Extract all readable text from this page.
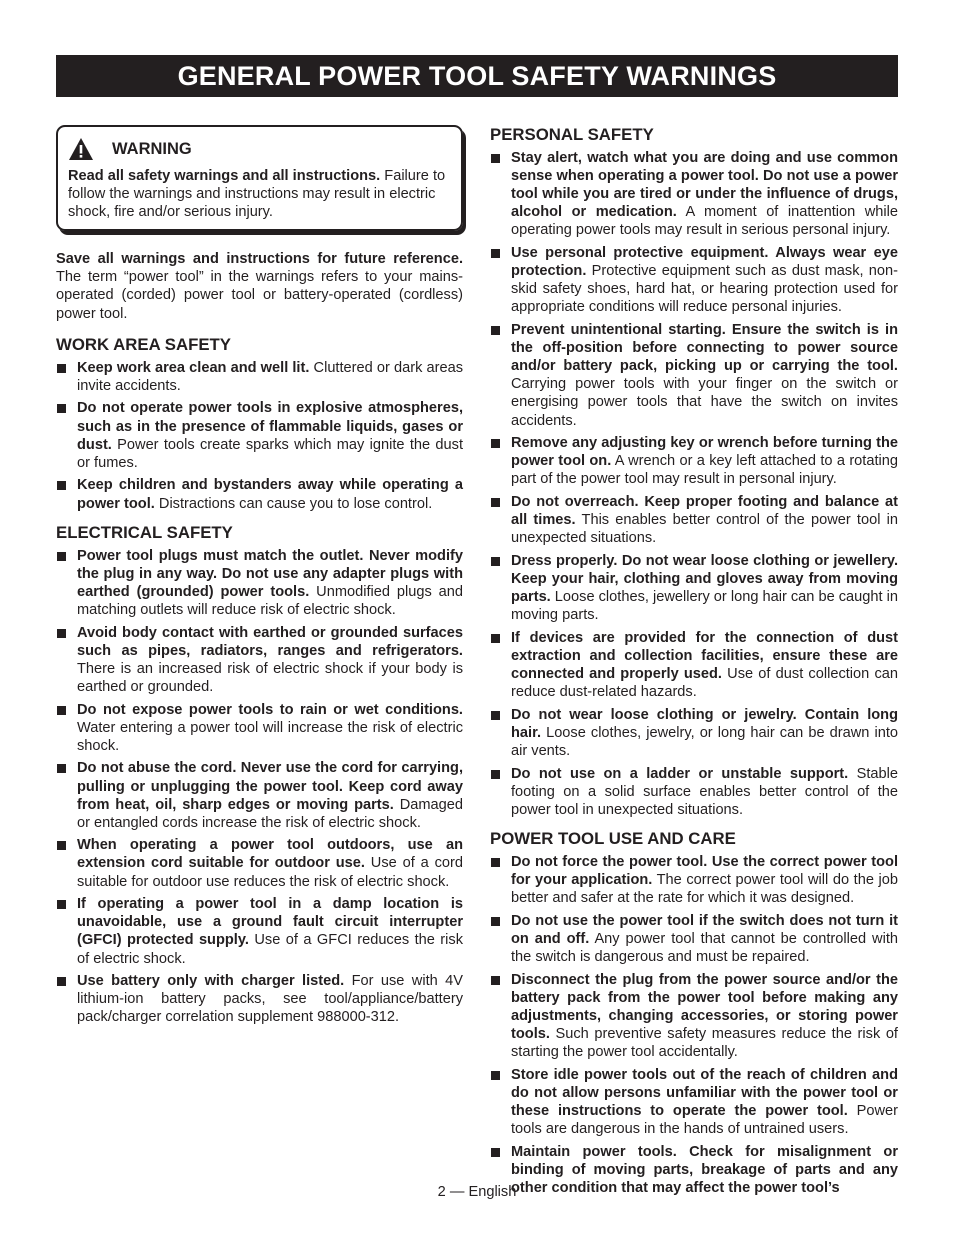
GENERAL POWER TOOL SAFETY WARNINGS
WARNING

Read all safety warnings and all instructions. Failure to follow the warnings and instructions may result in electric shock, fire and/or serious injury.

Save all warnings and instructions for future reference. The term “power tool” in the warnings refers to your mains-operated (corded) power tool or battery-operated (cordless) power tool.

WORK AREA SAFETY
Keep work area clean and well lit. Cluttered or dark areas invite accidents.
Do not operate power tools in explosive atmospheres, such as in the presence of flammable liquids, gases or dust. Power tools create sparks which may ignite the dust or fumes.
Keep children and bystanders away while operating a power tool. Distractions can cause you to lose control.
ELECTRICAL SAFETY
Power tool plugs must match the outlet. Never modify the plug in any way. Do not use any adapter plugs with earthed (grounded) power tools. Unmodified plugs and matching outlets will reduce risk of electric shock.
Avoid body contact with earthed or grounded surfaces such as pipes, radiators, ranges and refrigerators. There is an increased risk of electric shock if your body is earthed or grounded.
Do not expose power tools to rain or wet conditions. Water entering a power tool will increase the risk of electric shock.
Do not abuse the cord. Never use the cord for carrying, pulling or unplugging the power tool. Keep cord away from heat, oil, sharp edges or moving parts. Damaged or entangled cords increase the risk of electric shock.
When operating a power tool outdoors, use an extension cord suitable for outdoor use. Use of a cord suitable for outdoor use reduces the risk of electric shock.
If operating a power tool in a damp location is unavoidable, use a ground fault circuit interrupter (GFCI) protected supply. Use of a GFCI reduces the risk of electric shock.
Use battery only with charger listed. For use with 4V lithium-ion battery packs, see tool/appliance/battery pack/charger correlation supplement 988000-312.
PERSONAL SAFETY
Stay alert, watch what you are doing and use common sense when operating a power tool. Do not use a power tool while you are tired or under the influence of drugs, alcohol or medication. A moment of inattention while operating power tools may result in serious personal injury.
Use personal protective equipment. Always wear eye protection. Protective equipment such as dust mask, non-skid safety shoes, hard hat, or hearing protection used for appropriate conditions will reduce personal injuries.
Prevent unintentional starting. Ensure the switch is in the off-position before connecting to power source and/or battery pack, picking up or carrying the tool. Carrying power tools with your finger on the switch or energising power tools that have the switch on invites accidents.
Remove any adjusting key or wrench before turning the power tool on. A wrench or a key left attached to a rotating part of the power tool may result in personal injury.
Do not overreach. Keep proper footing and balance at all times. This enables better control of the power tool in unexpected situations.
Dress properly. Do not wear loose clothing or jewellery. Keep your hair, clothing and gloves away from moving parts. Loose clothes, jewellery or long hair can be caught in moving parts.
If devices are provided for the connection of dust extraction and collection facilities, ensure these are connected and properly used. Use of dust collection can reduce dust-related hazards.
Do not wear loose clothing or jewelry. Contain long hair. Loose clothes, jewelry, or long hair can be drawn into air vents.
Do not use on a ladder or unstable support. Stable footing on a solid surface enables better control of the power tool in unexpected situations.
POWER TOOL USE AND CARE
Do not force the power tool. Use the correct power tool for your application. The correct power tool will do the job better and safer at the rate for which it was designed.
Do not use the power tool if the switch does not turn it on and off. Any power tool that cannot be controlled with the switch is dangerous and must be repaired.
Disconnect the plug from the power source and/or the battery pack from the power tool before making any adjustments, changing accessories, or storing power tools. Such preventive safety measures reduce the risk of starting the power tool accidentally.
Store idle power tools out of the reach of children and do not allow persons unfamiliar with the power tool or these instructions to operate the power tool. Power tools are dangerous in the hands of untrained users.
Maintain power tools. Check for misalignment or binding of moving parts, breakage of parts and any other condition that may affect the power tool’s
2 — English
